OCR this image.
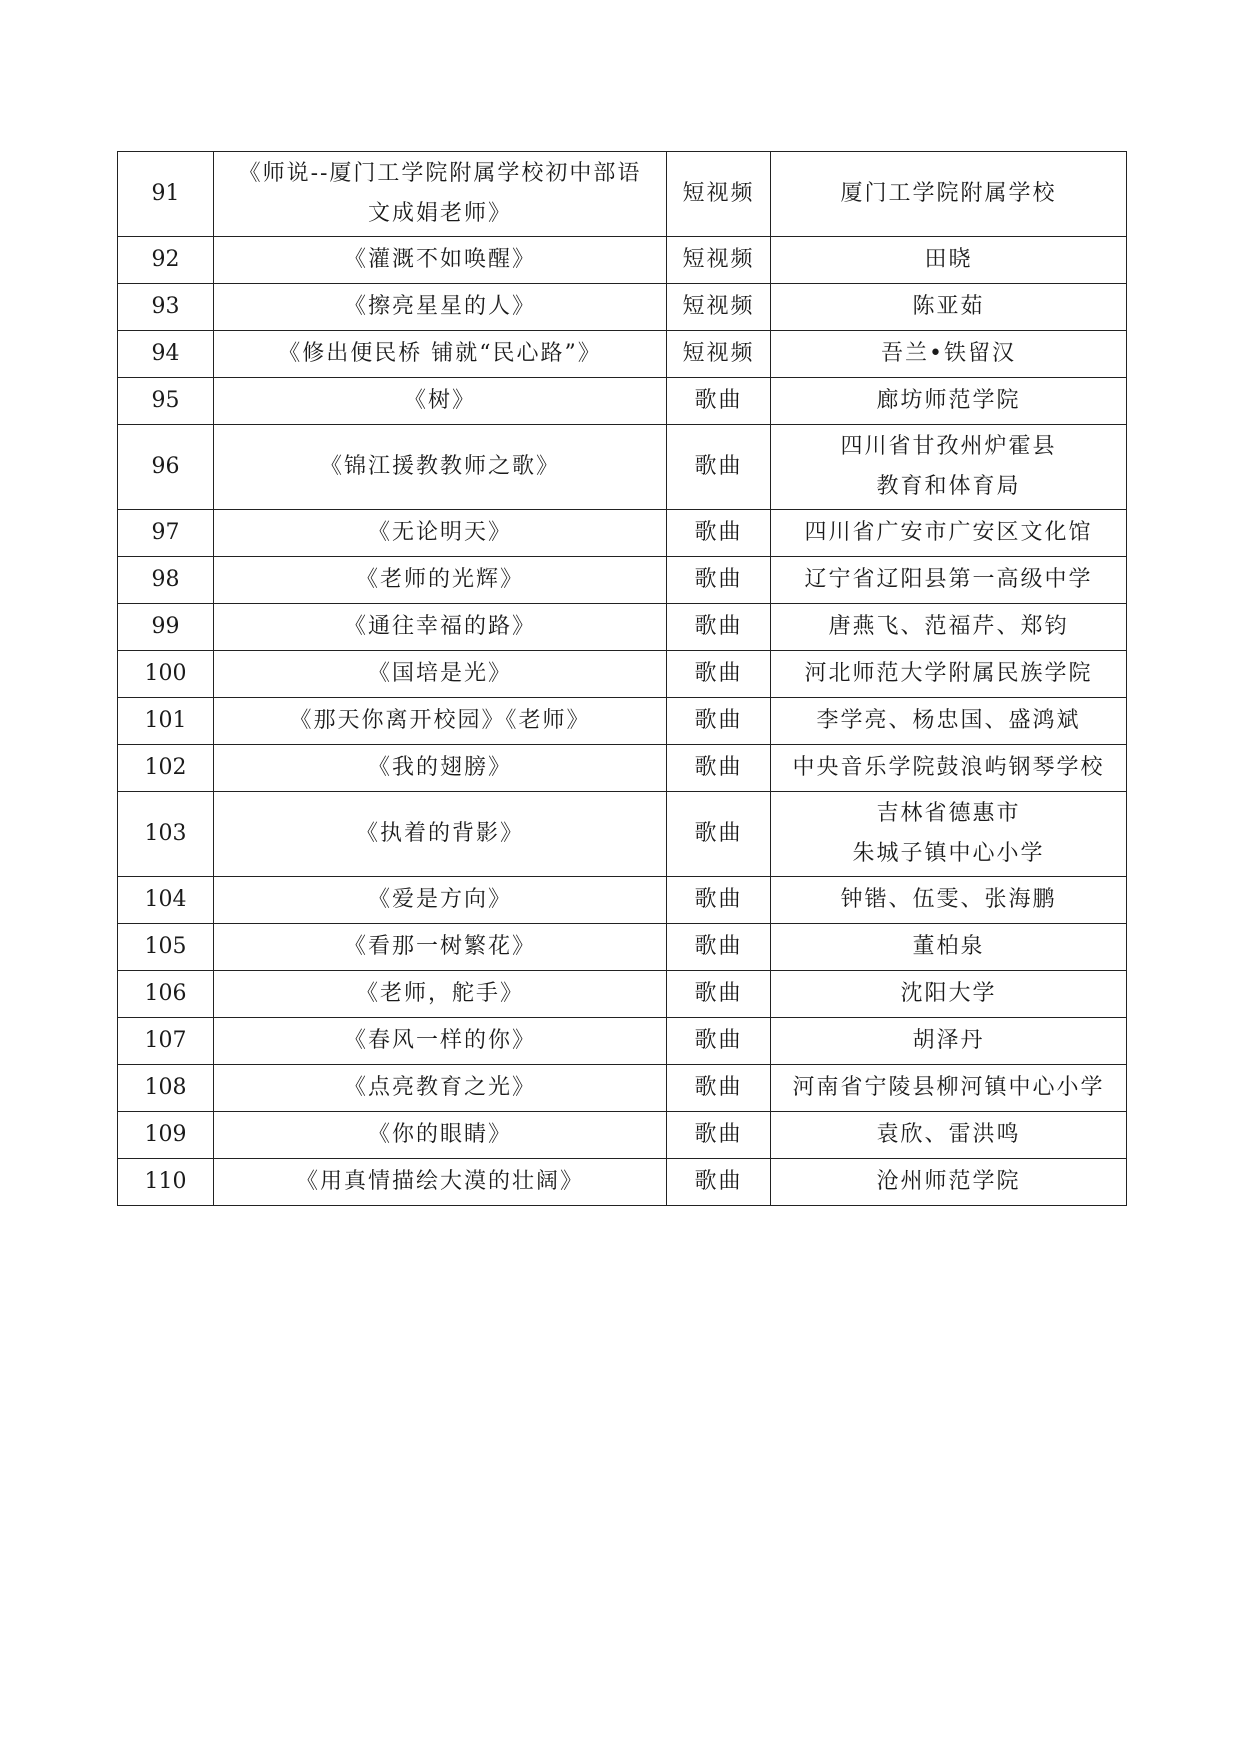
91	《师说--厦门工学院附属学校初中部语
文成娟老师》	短视频	厦门工学院附属学校

92	《灌溉不如唤醒》	短视频	田晓

93	《擦亮星星的人》	短视频	陈亚茹

94	《修出便民桥 铺就“民心路”》	短视频	吾兰•铁留汉

95	《树》	歌曲	廊坊师范学院

96	《锦江援教教师之歌》	歌曲	四川省甘孜州炉霍县
教育和体育局

97	《无论明天》	歌曲	四川省广安市广安区文化馆

98	《老师的光辉》	歌曲	辽宁省辽阳县第一高级中学

99	《通往幸福的路》	歌曲	唐燕飞、范福芹、郑钧

100	《国培是光》	歌曲	河北师范大学附属民族学院

101	《那天你离开校园》《老师》	歌曲	李学亮、杨忠国、盛鸿斌

102	《我的翅膀》	歌曲	中央音乐学院鼓浪屿钢琴学校

103	《执着的背影》	歌曲	吉林省德惠市
朱城子镇中心小学

104	《爱是方向》	歌曲	钟锴、伍雯、张海鹏

105	《看那一树繁花》	歌曲	董柏泉

106	《老师，舵手》	歌曲	沈阳大学

107	《春风一样的你》	歌曲	胡泽丹

108	《点亮教育之光》	歌曲	河南省宁陵县柳河镇中心小学

109	《你的眼睛》	歌曲	袁欣、雷洪鸣

110	《用真情描绘大漠的壮阔》	歌曲	沧州师范学院
